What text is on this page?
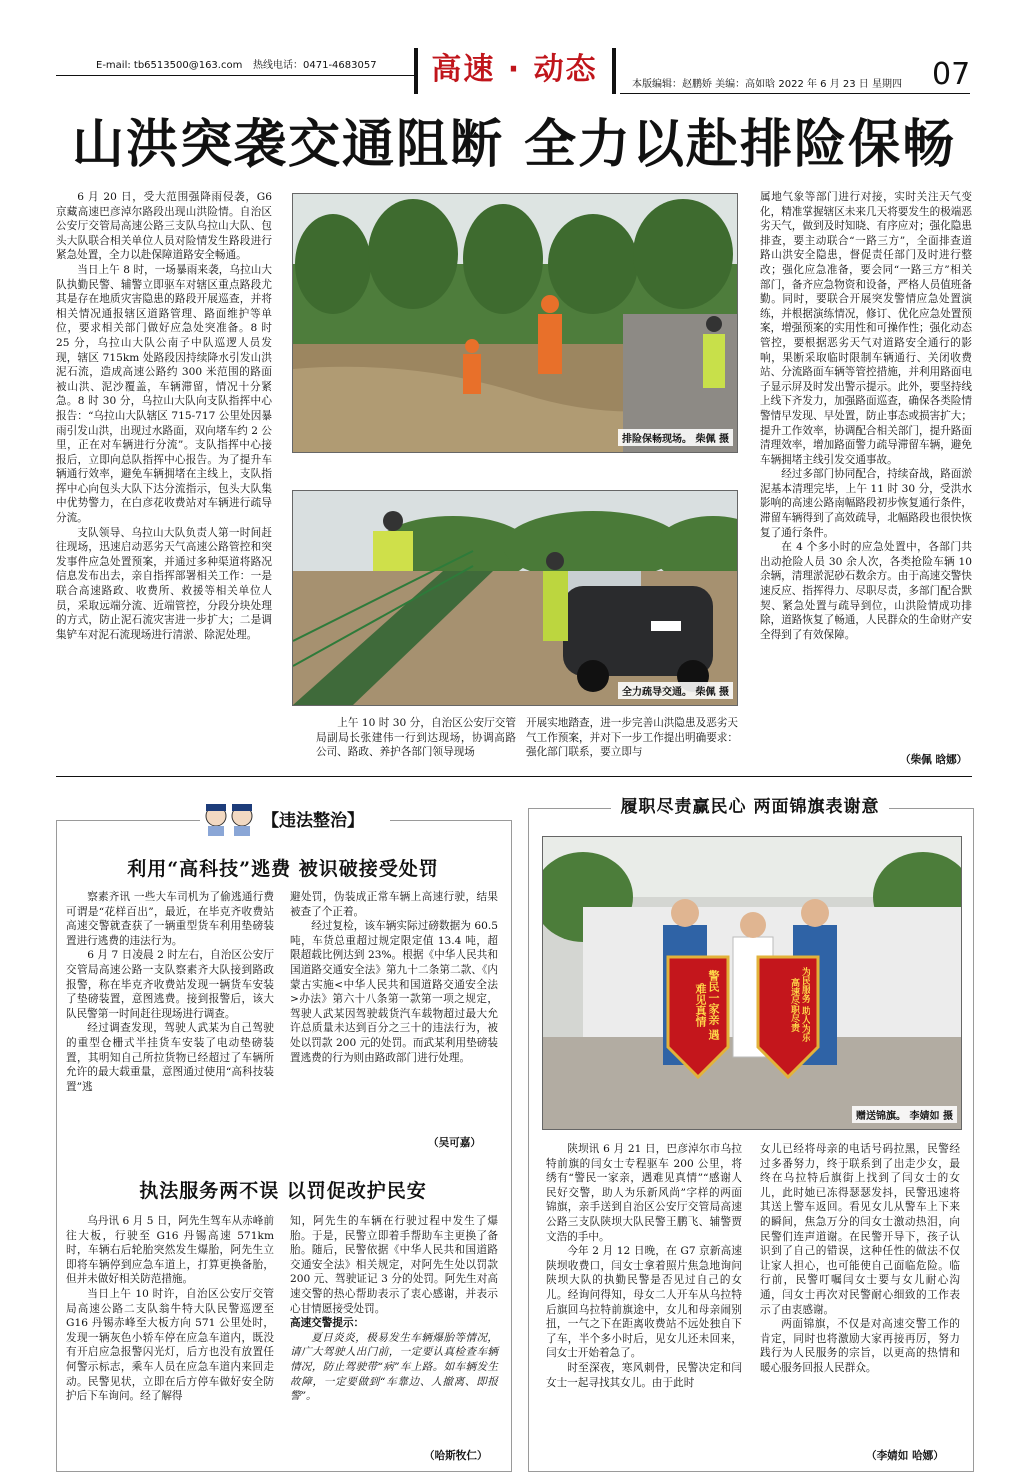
E-mail: tb6513500@163.com 热线电话：0471-4683057	高速 · 动态	本版编辑：赵鹏娇 美编：高如晗 2022 年 6 月 23 日 星期四	07
山洪突袭交通阻断 全力以赴排险保畅

6 月 20 日，受大范围强降雨侵袭，G6 京藏高速巴彦淖尔路段出现山洪险情。自治区公安厅交管局高速公路三支队乌拉山大队、包头大队联合相关单位人员对险情发生路段进行紧急处置，全力以赴保障道路安全畅通。

当日上午 8 时，一场暴雨来袭，乌拉山大队执勤民警、辅警立即驱车对辖区重点路段尤其是存在地质灾害隐患的路段开展巡查，并将相关情况通报辖区道路管理、路面维护等单位，要求相关部门做好应急处突准备。8 时 25 分，乌拉山大队公南子中队巡逻人员发现，辖区 715km 处路段因持续降水引发山洪泥石流，造成高速公路约 300 米范围的路面被山洪、泥沙覆盖，车辆滞留，情况十分紧急。8 时 30 分，乌拉山大队向支队指挥中心报告：“乌拉山大队辖区 715-717 公里处因暴雨引发山洪，出现过水路面，双向堵车约 2 公里，正在对车辆进行分流”。支队指挥中心接报后，立即向总队指挥中心报告。为了提升车辆通行效率，避免车辆拥堵在主线上，支队指挥中心向包头大队下达分流指示，包头大队集中优势警力，在白彦花收费站对车辆进行疏导分流。

支队领导、乌拉山大队负责人第一时间赶往现场，迅速启动恶劣天气高速公路管控和突发事件应急处置预案，并通过多种渠道将路况信息发布出去，亲自指挥部署相关工作：一是联合高速路政、收费所、救援等相关单位人员，采取远端分流、近端管控，分段分块处理的方式，防止泥石流灾害进一步扩大；二是调集铲车对泥石流现场进行清淤、除泥处理。

排险保畅现场。 柴佩 摄
全力疏导交通。 柴佩 摄

上午 10 时 30 分，自治区公安厅交管局副局长张建伟一行到达现场，协调高路公司、路政、养护各部门领导现场

开展实地踏查，进一步完善山洪隐患及恶劣天气工作预案，并对下一步工作提出明确要求：强化部门联系，要立即与

属地气象等部门进行对接，实时关注天气变化，精准掌握辖区未来几天将要发生的极端恶劣天气，做到及时知晓、有序应对；强化隐患排查，要主动联合“一路三方”，全面排查道路山洪安全隐患，督促责任部门及时进行整改；强化应急准备，要会同“一路三方”相关部门，备齐应急物资和设备，严格人员值班备勤。同时，要联合开展突发警情应急处置演练，并根据演练情况，修订、优化应急处置预案，增强预案的实用性和可操作性；强化动态管控，要根据恶劣天气对道路安全通行的影响，果断采取临时限制车辆通行、关闭收费站、分流路面车辆等管控措施，并利用路面电子显示屏及时发出警示提示。此外，要坚持线上线下齐发力，加强路面巡查，确保各类险情警情早发现、早处置，防止事态或损害扩大；提升工作效率，协调配合相关部门，提升路面清理效率，增加路面警力疏导滞留车辆，避免车辆拥堵主线引发交通事故。

经过多部门协同配合，持续奋战，路面淤泥基本清理完毕，上午 11 时 30 分，受洪水影响的高速公路南幅路段初步恢复通行条件，滞留车辆得到了高效疏导，北幅路段也很快恢复了通行条件。

在 4 个多小时的应急处置中，各部门共出动抢险人员 30 余人次，各类抢险车辆 10 余辆，清理淤泥砂石数余方。由于高速交警快速反应、指挥得力、尽职尽责，多部门配合默契、紧急处置与疏导到位，山洪险情成功排除，道路恢复了畅通，人民群众的生命财产安全得到了有效保障。

（柴佩 晗娜）
【违法整治】
利用“高科技”逃费 被识破接受处罚

察素齐讯 一些大车司机为了偷逃通行费可谓是“花样百出”，最近，在毕克齐收费站高速交警就查获了一辆重型货车利用垫磅装置进行逃费的违法行为。

6 月 7 日凌晨 2 时左右，自治区公安厅交管局高速公路一支队察素齐大队接到路政报警，称在毕克齐收费站发现一辆货车安装了垫磅装置，意图逃费。接到报警后，该大队民警第一时间赶往现场进行调查。

经过调查发现，驾驶人武某为自己驾驶的重型仓栅式半挂货车安装了电动垫磅装置，其明知自己所拉货物已经超过了车辆所允许的最大载重量，意图通过使用“高科技装置”逃

避处罚，伪装成正常车辆上高速行驶，结果被查了个正着。

经过复检，该车辆实际过磅数据为 60.5 吨，车货总重超过规定限定值 13.4 吨，超限超载比例达到 23%。根据《中华人民共和国道路交通安全法》第九十二条第二款、《内蒙古实施<中华人民共和国道路交通安全法>办法》第六十八条第一款第一项之规定，驾驶人武某因驾驶载货汽车载物超过最大允许总质量未达到百分之三十的违法行为，被处以罚款 200 元的处罚。而武某利用垫磅装置逃费的行为则由路政部门进行处理。

（吴可嘉）
执法服务两不误 以罚促改护民安

乌丹讯 6 月 5 日，阿先生驾车从赤峰前往大板，行驶至 G16 丹锡高速 571km 时，车辆右后轮胎突然发生爆胎，阿先生立即将车辆停到应急车道上，打算更换备胎，但并未做好相关防范措施。

当日上午 10 时许，自治区公安厅交管局高速公路二支队翁牛特大队民警巡逻至 G16 丹锡赤峰至大板方向 571 公里处时，发现一辆灰色小轿车停在应急车道内，既没有开启应急报警闪光灯，后方也没有放置任何警示标志，乘车人员在应急车道内来回走动。民警见状，立即在后方停车做好安全防护后下车询问。经了解得

知，阿先生的车辆在行驶过程中发生了爆胎。于是，民警立即着手帮助车主更换了备胎。随后，民警依据《中华人民共和国道路交通安全法》相关规定，对阿先生处以罚款 200 元、驾驶证记 3 分的处罚。阿先生对高速交警的热心帮助表示了衷心感谢，并表示心甘情愿接受处罚。

高速交警提示：

夏日炎炎，极易发生车辆爆胎等情况，请广大驾驶人出门前，一定要认真检查车辆情况，防止驾驶带“病”车上路。如车辆发生故障，一定要做到“车靠边、人撤离、即报警”。

（哈斯牧仁）
履职尽责赢民心 两面锦旗表谢意
警民一家亲 遇难见真情	为民服务 助人为乐 高速尽职尽责
赠送锦旗。 李婧如 摄

陕坝讯 6 月 21 日，巴彦淖尔市乌拉特前旗的闫女士专程驱车 200 公里，将绣有“警民一家亲，遇难见真情”“感谢人民好交警，助人为乐新风尚”字样的两面锦旗，亲手送到自治区公安厅交管局高速公路三支队陕坝大队民警王鹏飞、辅警贾文浩的手中。

今年 2 月 12 日晚，在 G7 京新高速陕坝收费口，闫女士拿着照片焦急地询问陕坝大队的执勤民警是否见过自己的女儿。经询问得知，母女二人开车从乌拉特后旗回乌拉特前旗途中，女儿和母亲闹别扭，一气之下在距离收费站不远处独自下了车，半个多小时后，见女儿还未回来，闫女士开始着急了。

时至深夜，寒风刺骨，民警决定和闫女士一起寻找其女儿。由于此时

女儿已经将母亲的电话号码拉黑，民警经过多番努力，终于联系到了出走少女，最终在乌拉特后旗街上找到了闫女士的女儿，此时她已冻得瑟瑟发抖，民警迅速将其送上警车返回。看见女儿从警车上下来的瞬间，焦急万分的闫女士激动热泪，向民警们连声道谢。在民警开导下，孩子认识到了自己的错误，这种任性的做法不仅让家人担心，也可能使自己面临危险。临行前，民警叮嘱闫女士要与女儿耐心沟通，闫女士再次对民警耐心细致的工作表示了由衷感谢。

两面锦旗，不仅是对高速交警工作的肯定，同时也将激励大家再接再厉，努力践行为人民服务的宗旨，以更高的热情和暖心服务回报人民群众。

（李婧如 哈娜）
